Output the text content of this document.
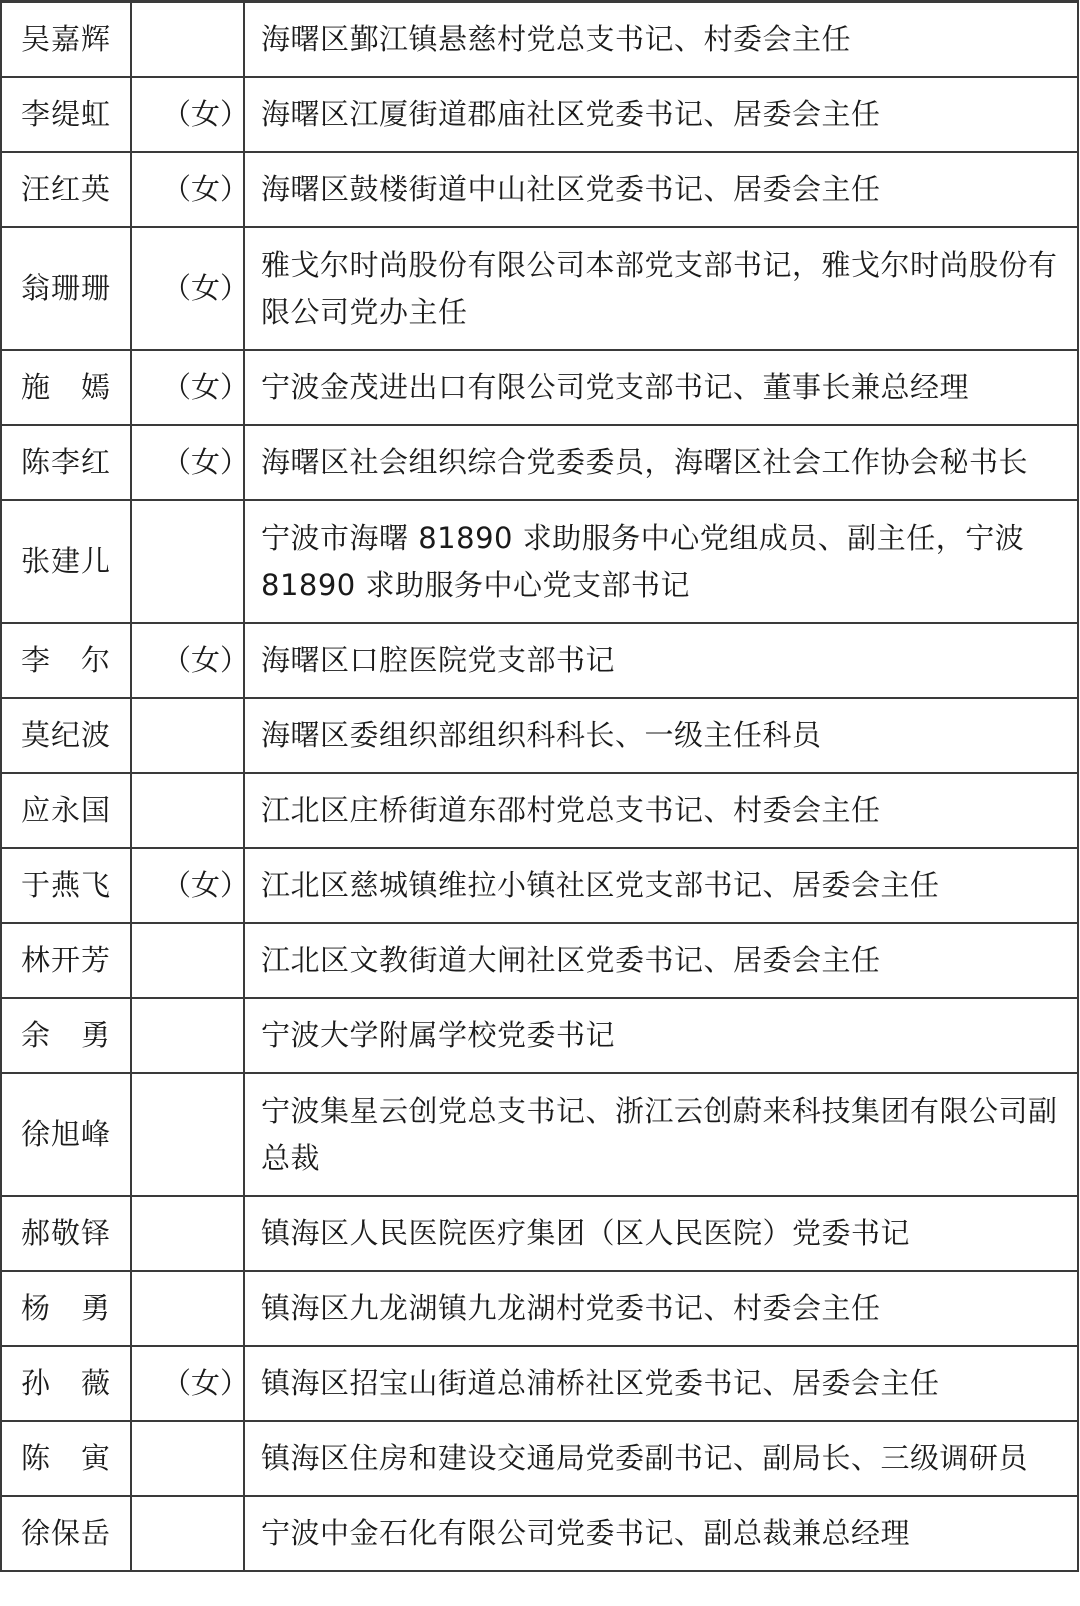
吴嘉辉		海曙区鄞江镇悬慈村党总支书记、村委会主任
李缇虹	（女）	海曙区江厦街道郡庙社区党委书记、居委会主任
汪红英	（女）	海曙区鼓楼街道中山社区党委书记、居委会主任
翁珊珊	（女）	雅戈尔时尚股份有限公司本部党支部书记，雅戈尔时尚股份有限公司党办主任
施　嫣	（女）	宁波金茂进出口有限公司党支部书记、董事长兼总经理
陈李红	（女）	海曙区社会组织综合党委委员，海曙区社会工作协会秘书长
张建儿		宁波市海曙 81890 求助服务中心党组成员、副主任，宁波 81890 求助服务中心党支部书记
李　尔	（女）	海曙区口腔医院党支部书记
莫纪波		海曙区委组织部组织科科长、一级主任科员
应永国		江北区庄桥街道东邵村党总支书记、村委会主任
于燕飞	（女）	江北区慈城镇维拉小镇社区党支部书记、居委会主任
林开芳		江北区文教街道大闸社区党委书记、居委会主任
余　勇		宁波大学附属学校党委书记
徐旭峰		宁波集星云创党总支书记、浙江云创蔚来科技集团有限公司副总裁
郝敬铎		镇海区人民医院医疗集团（区人民医院）党委书记
杨　勇		镇海区九龙湖镇九龙湖村党委书记、村委会主任
孙　薇	（女）	镇海区招宝山街道总浦桥社区党委书记、居委会主任
陈　寅		镇海区住房和建设交通局党委副书记、副局长、三级调研员
徐保岳		宁波中金石化有限公司党委书记、副总裁兼总经理
